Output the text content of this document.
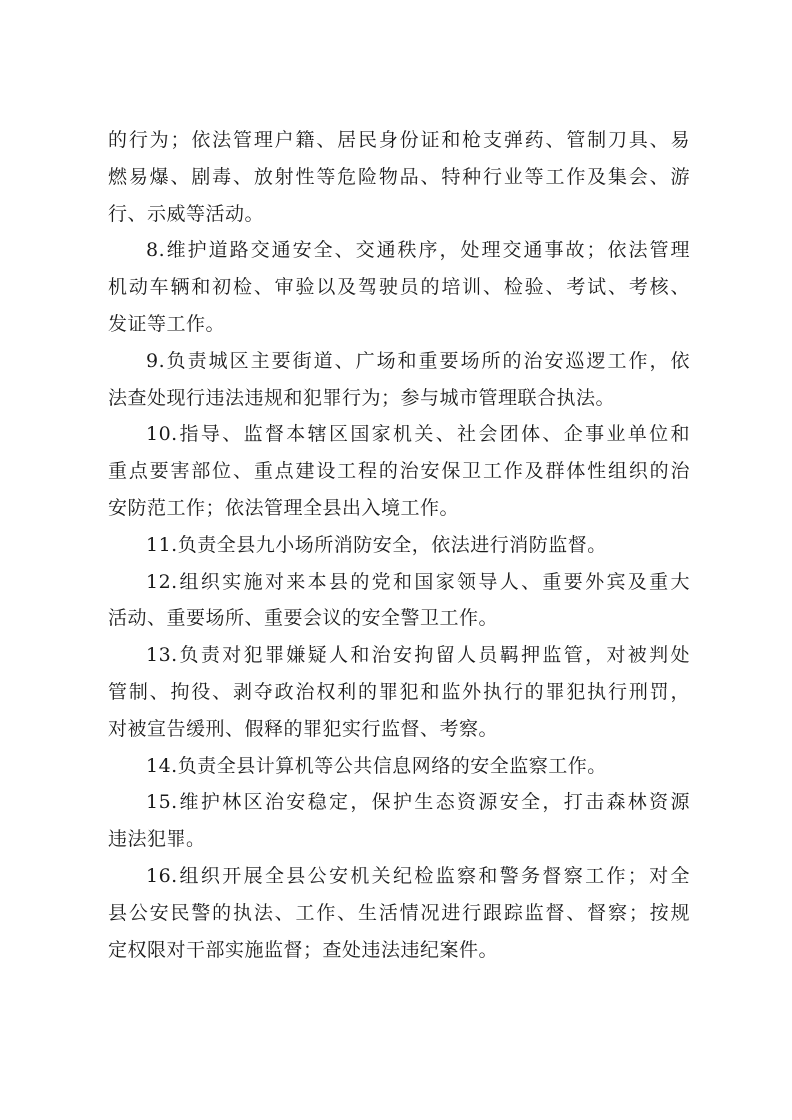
的行为；依法管理户籍、居民身份证和枪支弹药、管制刀具、易
燃易爆、剧毒、放射性等危险物品、特种行业等工作及集会、游
行、示威等活动。
8.维护道路交通安全、交通秩序，处理交通事故；依法管理
机动车辆和初检、审验以及驾驶员的培训、检验、考试、考核、
发证等工作。
9.负责城区主要街道、广场和重要场所的治安巡逻工作，依
法查处现行违法违规和犯罪行为；参与城市管理联合执法。
10.指导、监督本辖区国家机关、社会团体、企事业单位和
重点要害部位、重点建设工程的治安保卫工作及群体性组织的治
安防范工作；依法管理全县出入境工作。
11.负责全县九小场所消防安全，依法进行消防监督。
12.组织实施对来本县的党和国家领导人、重要外宾及重大
活动、重要场所、重要会议的安全警卫工作。
13.负责对犯罪嫌疑人和治安拘留人员羁押监管，对被判处
管制、拘役、剥夺政治权利的罪犯和监外执行的罪犯执行刑罚，
对被宣告缓刑、假释的罪犯实行监督、考察。
14.负责全县计算机等公共信息网络的安全监察工作。
15.维护林区治安稳定，保护生态资源安全，打击森林资源
违法犯罪。
16.组织开展全县公安机关纪检监察和警务督察工作；对全
县公安民警的执法、工作、生活情况进行跟踪监督、督察；按规
定权限对干部实施监督；查处违法违纪案件。
